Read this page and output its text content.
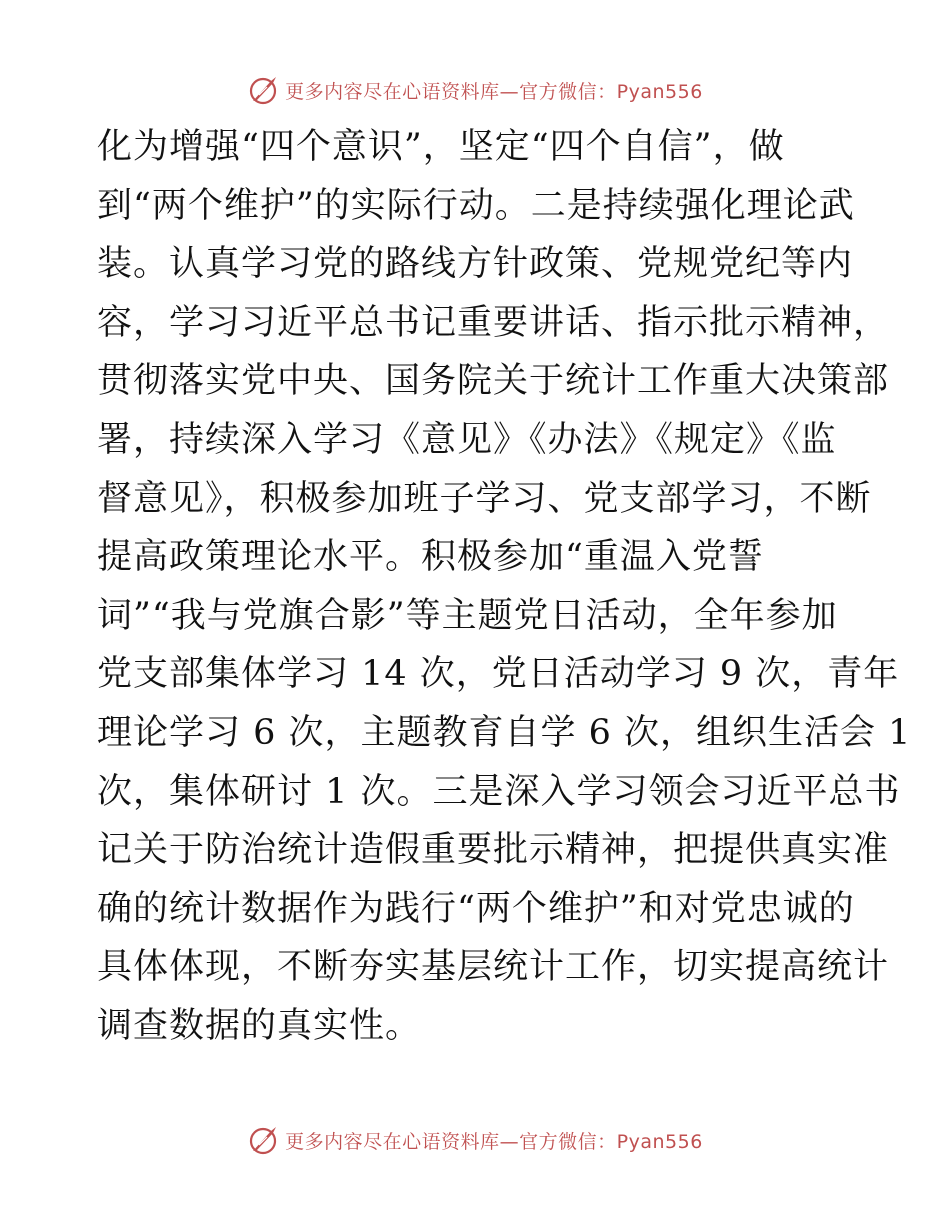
更多内容尽在心语资料库—官方微信：Pyan556
化为增强“四个意识”，坚定“四个自信”，做
到“两个维护”的实际行动。二是持续强化理论武
装。认真学习党的路线方针政策、党规党纪等内
容，学习习近平总书记重要讲话、指示批示精神，
贯彻落实党中央、国务院关于统计工作重大决策部
署，持续深入学习《意见》《办法》《规定》《监
督意见》，积极参加班子学习、党支部学习，不断
提高政策理论水平。积极参加“重温入党誓
词”“我与党旗合影”等主题党日活动，全年参加
党支部集体学习 14 次，党日活动学习 9 次，青年
理论学习 6 次，主题教育自学 6 次，组织生活会 1
次，集体研讨 1 次。三是深入学习领会习近平总书
记关于防治统计造假重要批示精神，把提供真实准
确的统计数据作为践行“两个维护”和对党忠诚的
具体体现，不断夯实基层统计工作，切实提高统计
调查数据的真实性。
更多内容尽在心语资料库—官方微信：Pyan556
